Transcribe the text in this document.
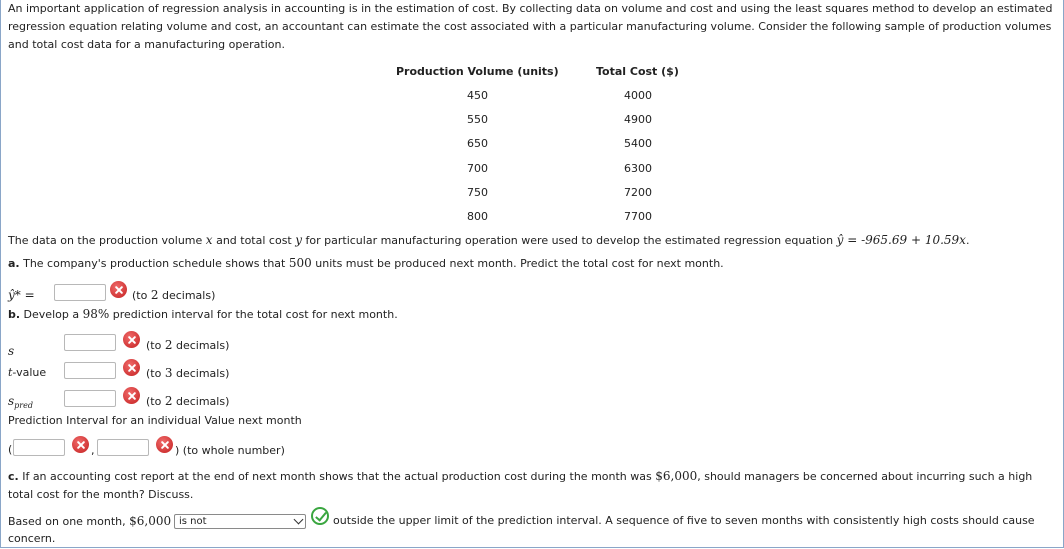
An important application of regression analysis in accounting is in the estimation of cost. By collecting data on volume and cost and using the least squares method to develop an estimated regression equation relating volume and cost, an accountant can estimate the cost associated with a particular manufacturing volume. Consider the following sample of production volumes and total cost data for a manufacturing operation.
Production Volume (units)	Total Cost ($)
450	4000
550	4900
650	5400
700	6300
750	7200
800	7700
The data on the production volume x and total cost y for particular manufacturing operation were used to develop the estimated regression equation ŷ = -965.69 + 10.59x.
a. The company's production schedule shows that 500 units must be produced next month. Predict the total cost for next month.
ŷ* =	(to 2 decimals)
b. Develop a 98% prediction interval for the total cost for next month.
s	(to 2 decimals)
t-value	(to 3 decimals)
$s_{pred}$	(to 2 decimals)
Prediction Interval for an individual Value next month
(	,	) (to whole number)
c. If an accounting cost report at the end of next month shows that the actual production cost during the month was $6,000, should managers be concerned about incurring such a high total cost for the month? Discuss.
Based on one month, $6,000 is not	outside the upper limit of the prediction interval. A sequence of five to seven months with consistently high costs should cause
concern.
